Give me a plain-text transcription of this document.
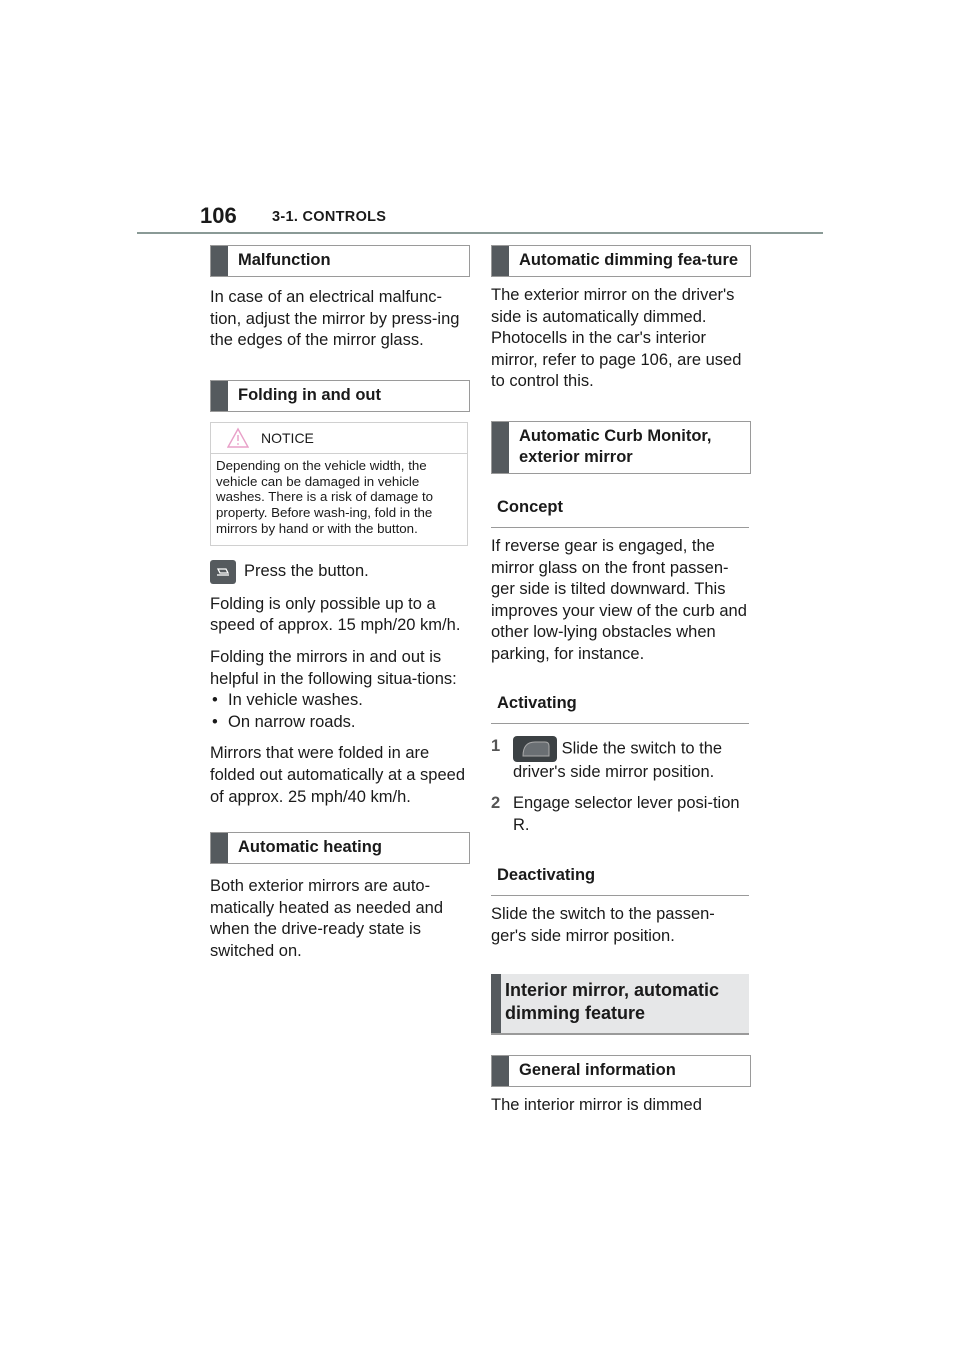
106 3-1. CONTROLS
Malfunction

In case of an electrical malfunc-tion, adjust the mirror by press-ing the edges of the mirror glass.

Folding in and out
NOTICE
Depending on the vehicle width, the vehicle can be damaged in vehicle washes. There is a risk of damage to property. Before wash-ing, fold in the mirrors by hand or with the button.

Press the button.

Folding is only possible up to a speed of approx. 15 mph/20 km/h.

Folding the mirrors in and out is helpful in the following situa-tions:

• In vehicle washes.
• On narrow roads.

Mirrors that were folded in are folded out automatically at a speed of approx. 25 mph/40 km/h.

Automatic heating

Both exterior mirrors are auto-matically heated as needed and when the drive-ready state is switched on.

Automatic dimming fea-ture

The exterior mirror on the driver's side is automatically dimmed. Photocells in the car's interior mirror, refer to page 106, are used to control this.

Automatic Curb Monitor, exterior mirror
Concept

If reverse gear is engaged, the mirror glass on the front passen-ger side is tilted downward. This improves your view of the curb and other low-lying obstacles when parking, for instance.

Activating
1	Slide the switch to the driver's side mirror position.
2 Engage selector lever posi-tion R.
Deactivating

Slide the switch to the passen-ger's side mirror position.

Interior mirror, automatic dimming feature
General information

The interior mirror is dimmed
